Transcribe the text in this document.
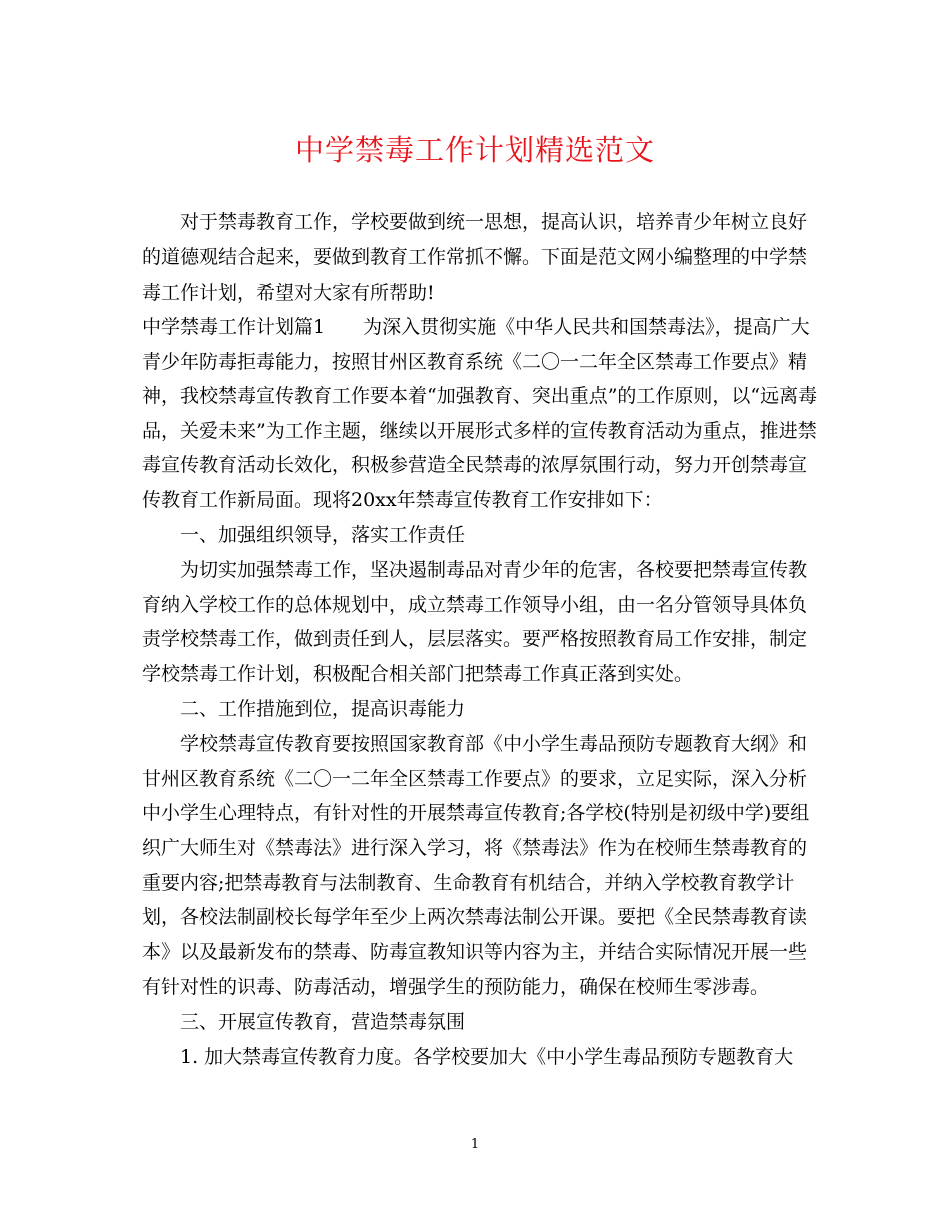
中学禁毒工作计划精选范文
　　对于禁毒教育工作，学校要做到统一思想，提高认识，培养青少年树立良好
的道德观结合起来，要做到教育工作常抓不懈。下面是范文网小编整理的中学禁
毒工作计划，希望对大家有所帮助!
中学禁毒工作计划篇1　　为深入贯彻实施《中华人民共和国禁毒法》，提高广大
青少年防毒拒毒能力，按照甘州区教育系统《二〇一二年全区禁毒工作要点》精
神，我校禁毒宣传教育工作要本着“加强教育、突出重点”的工作原则，以“远离毒
品，关爱未来”为工作主题，继续以开展形式多样的宣传教育活动为重点，推进禁
毒宣传教育活动长效化，积极参营造全民禁毒的浓厚氛围行动，努力开创禁毒宣
传教育工作新局面。现将20xx年禁毒宣传教育工作安排如下：
　　一、加强组织领导，落实工作责任
　　为切实加强禁毒工作，坚决遏制毒品对青少年的危害，各校要把禁毒宣传教
育纳入学校工作的总体规划中，成立禁毒工作领导小组，由一名分管领导具体负
责学校禁毒工作，做到责任到人，层层落实。要严格按照教育局工作安排，制定
学校禁毒工作计划，积极配合相关部门把禁毒工作真正落到实处。
　　二、工作措施到位，提高识毒能力
　　学校禁毒宣传教育要按照国家教育部《中小学生毒品预防专题教育大纲》和
甘州区教育系统《二〇一二年全区禁毒工作要点》的要求，立足实际，深入分析
中小学生心理特点，有针对性的开展禁毒宣传教育;各学校(特别是初级中学)要组
织广大师生对《禁毒法》进行深入学习，将《禁毒法》作为在校师生禁毒教育的
重要内容;把禁毒教育与法制教育、生命教育有机结合，并纳入学校教育教学计
划，各校法制副校长每学年至少上两次禁毒法制公开课。要把《全民禁毒教育读
本》以及最新发布的禁毒、防毒宣教知识等内容为主，并结合实际情况开展一些
有针对性的识毒、防毒活动，增强学生的预防能力，确保在校师生零涉毒。
　　三、开展宣传教育，营造禁毒氛围
　　1. 加大禁毒宣传教育力度。各学校要加大《中小学生毒品预防专题教育大
1
